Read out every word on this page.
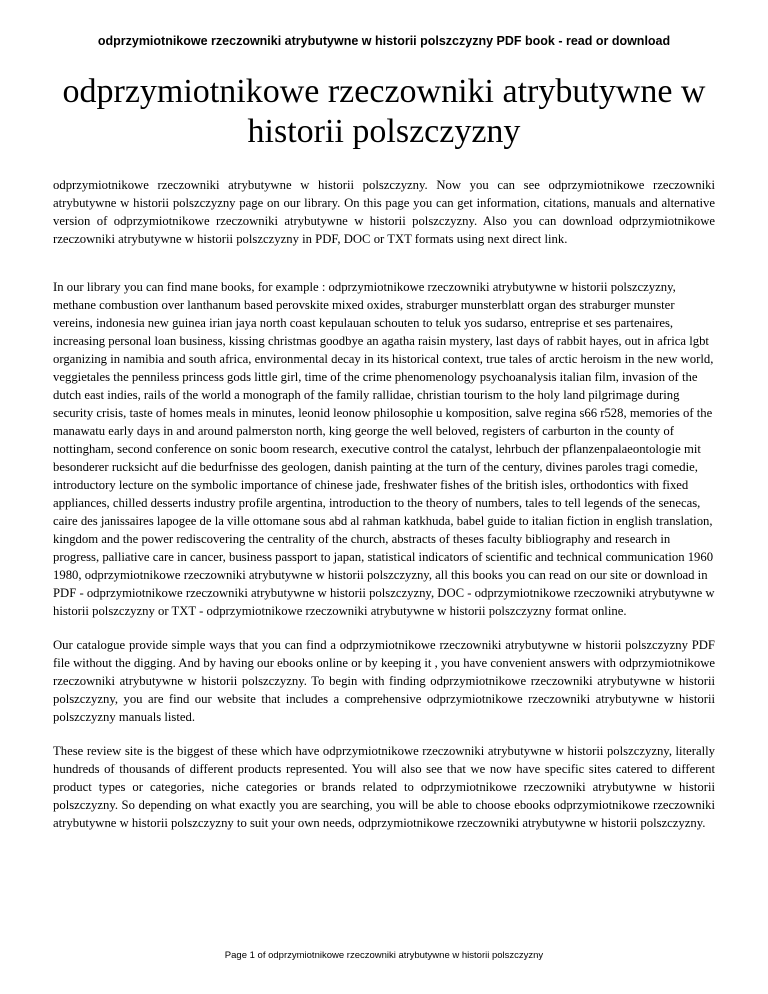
odprzymiotnikowe rzeczowniki atrybutywne w historii polszczyzny PDF book - read or download
odprzymiotnikowe rzeczowniki atrybutywne w historii polszczyzny

odprzymiotnikowe rzeczowniki atrybutywne w historii polszczyzny. Now you can see odprzymiotnikowe rzeczowniki atrybutywne w historii polszczyzny page on our library. On this page you can get information, citations, manuals and alternative version of odprzymiotnikowe rzeczowniki atrybutywne w historii polszczyzny. Also you can download odprzymiotnikowe rzeczowniki atrybutywne w historii polszczyzny in PDF, DOC or TXT formats using next direct link.

In our library you can find mane books, for example : odprzymiotnikowe rzeczowniki atrybutywne w historii polszczyzny, methane combustion over lanthanum based perovskite mixed oxides, straburger munsterblatt organ des straburger munster vereins, indonesia new guinea irian jaya north coast kepulauan schouten to teluk yos sudarso, entreprise et ses partenaires, increasing personal loan business, kissing christmas goodbye an agatha raisin mystery, last days of rabbit hayes, out in africa lgbt organizing in namibia and south africa, environmental decay in its historical context, true tales of arctic heroism in the new world, veggietales the penniless princess gods little girl, time of the crime phenomenology psychoanalysis italian film, invasion of the dutch east indies, rails of the world a monograph of the family rallidae, christian tourism to the holy land pilgrimage during security crisis, taste of homes meals in minutes, leonid leonow philosophie u komposition, salve regina s66 r528, memories of the manawatu early days in and around palmerston north, king george the well beloved, registers of carburton in the county of nottingham, second conference on sonic boom research, executive control the catalyst, lehrbuch der pflanzenpalaeontologie mit besonderer rucksicht auf die bedurfnisse des geologen, danish painting at the turn of the century, divines paroles tragi comedie, introductory lecture on the symbolic importance of chinese jade, freshwater fishes of the british isles, orthodontics with fixed appliances, chilled desserts industry profile argentina, introduction to the theory of numbers, tales to tell legends of the senecas, caire des janissaires lapogee de la ville ottomane sous abd al rahman katkhuda, babel guide to italian fiction in english translation, kingdom and the power rediscovering the centrality of the church, abstracts of theses faculty bibliography and research in progress, palliative care in cancer, business passport to japan, statistical indicators of scientific and technical communication 1960 1980, odprzymiotnikowe rzeczowniki atrybutywne w historii polszczyzny, all this books you can read on our site or download in PDF - odprzymiotnikowe rzeczowniki atrybutywne w historii polszczyzny, DOC - odprzymiotnikowe rzeczowniki atrybutywne w historii polszczyzny or TXT - odprzymiotnikowe rzeczowniki atrybutywne w historii polszczyzny format online.

Our catalogue provide simple ways that you can find a odprzymiotnikowe rzeczowniki atrybutywne w historii polszczyzny PDF file without the digging. And by having our ebooks online or by keeping it , you have convenient answers with odprzymiotnikowe rzeczowniki atrybutywne w historii polszczyzny. To begin with finding odprzymiotnikowe rzeczowniki atrybutywne w historii polszczyzny, you are find our website that includes a comprehensive odprzymiotnikowe rzeczowniki atrybutywne w historii polszczyzny manuals listed.

These review site is the biggest of these which have odprzymiotnikowe rzeczowniki atrybutywne w historii polszczyzny, literally hundreds of thousands of different products represented. You will also see that we now have specific sites catered to different product types or categories, niche categories or brands related to odprzymiotnikowe rzeczowniki atrybutywne w historii polszczyzny. So depending on what exactly you are searching, you will be able to choose ebooks odprzymiotnikowe rzeczowniki atrybutywne w historii polszczyzny to suit your own needs, odprzymiotnikowe rzeczowniki atrybutywne w historii polszczyzny.

Page 1 of odprzymiotnikowe rzeczowniki atrybutywne w historii polszczyzny
